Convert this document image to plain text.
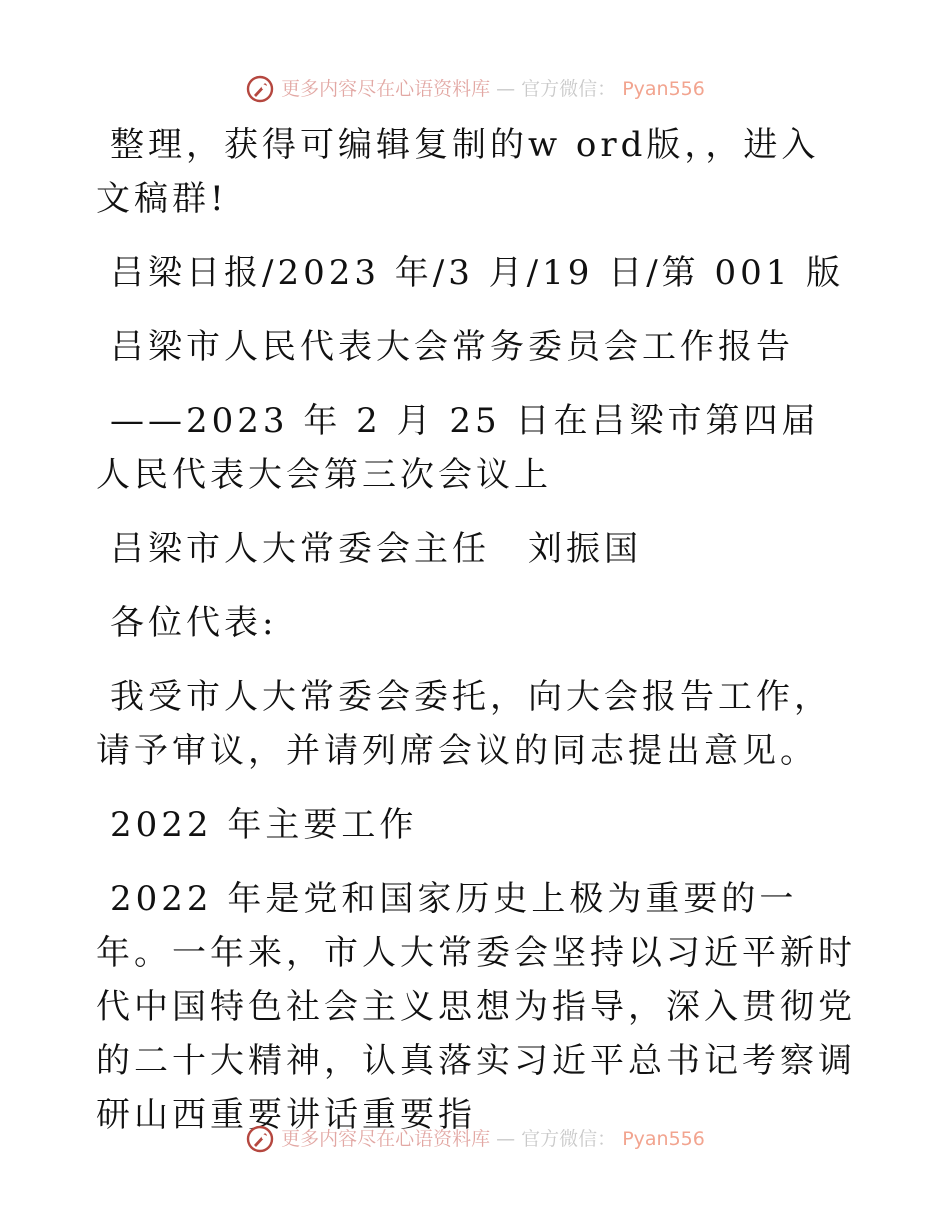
更多内容尽在心语资料库 — 官方微信： Pyan556

整理，获得可编辑复制的w ord版，，进入文稿群!

吕梁日报/2023 年/3 月/19 日/第 001 版

吕梁市人民代表大会常务委员会工作报告

——2023 年 2 月 25 日在吕梁市第四届人民代表大会第三次会议上

吕梁市人大常委会主任　刘振国

各位代表:

我受市人大常委会委托，向大会报告工作，请予审议，并请列席会议的同志提出意见。

2022 年主要工作

2022 年是党和国家历史上极为重要的一年。一年来，市人大常委会坚持以习近平新时代中国特色社会主义思想为指导，深入贯彻党的二十大精神，认真落实习近平总书记考察调研山西重要讲话重要指

更多内容尽在心语资料库 — 官方微信： Pyan556
